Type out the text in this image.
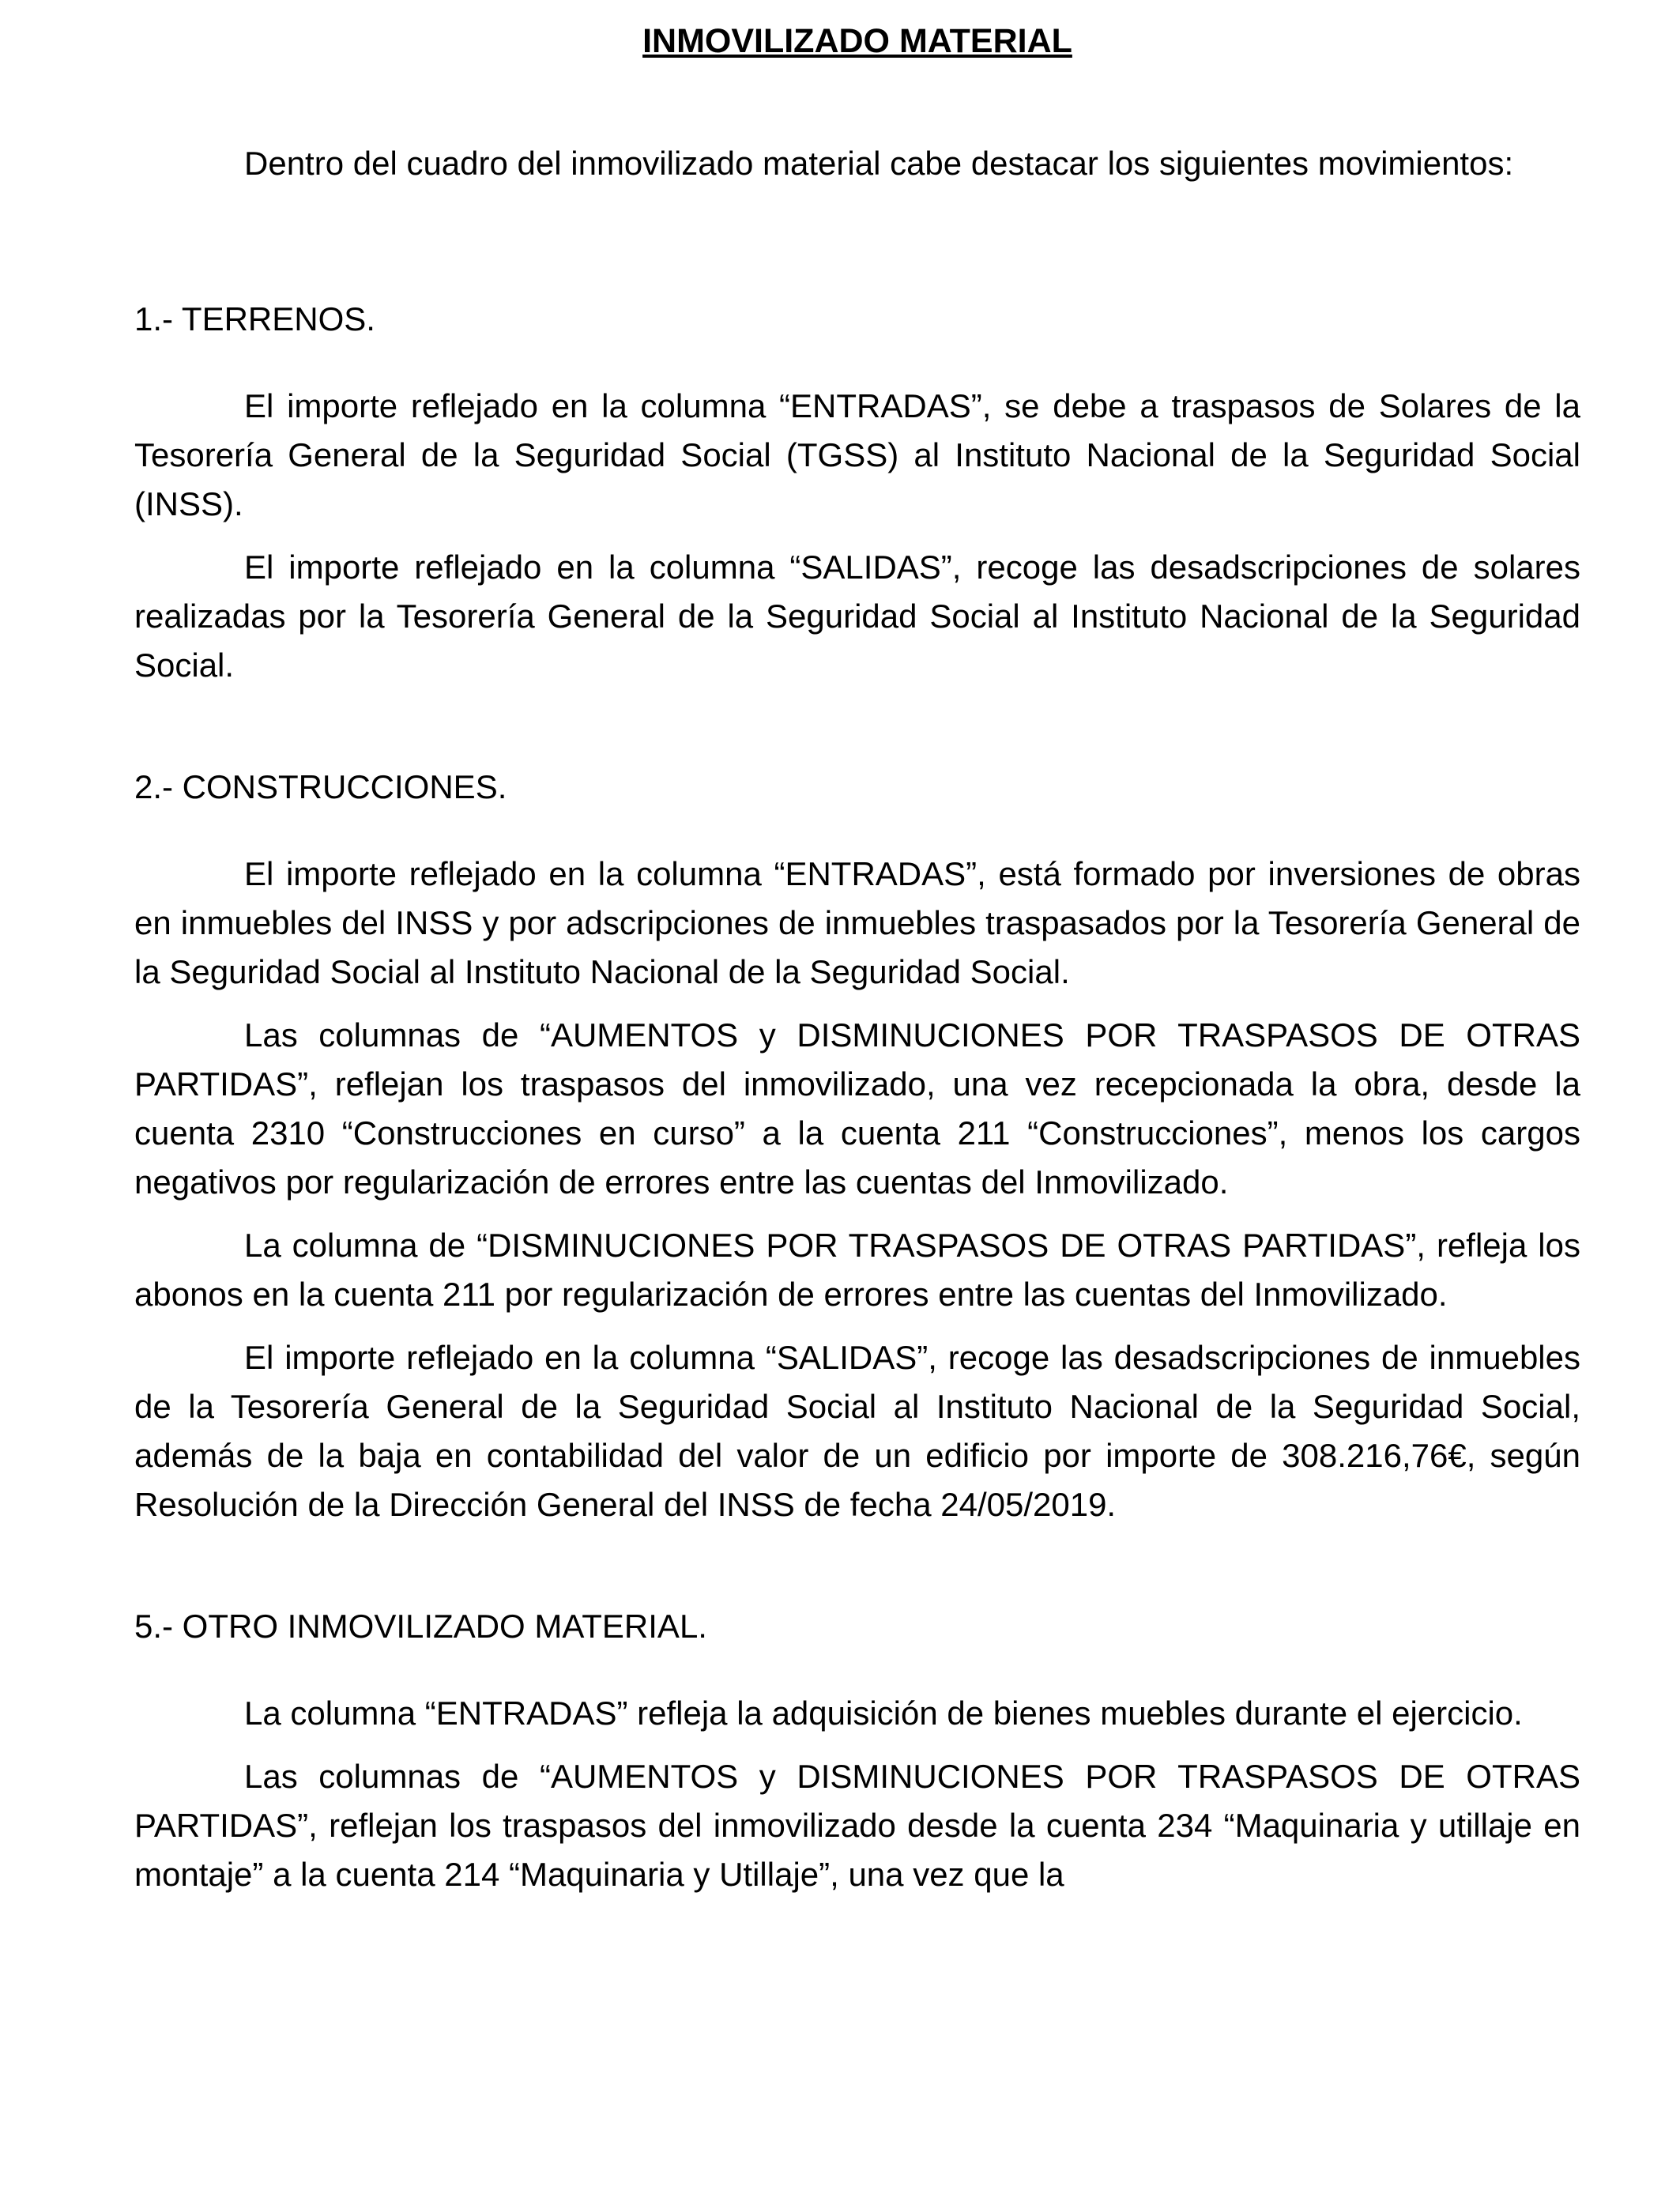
INMOVILIZADO MATERIAL

Dentro del cuadro del inmovilizado material cabe destacar los siguientes movimientos:

1.- TERRENOS.

El importe reflejado en la columna “ENTRADAS”, se debe a traspasos de Solares de la Tesorería General de la Seguridad Social (TGSS) al Instituto Nacional de la Seguridad Social (INSS).

El importe reflejado en la columna “SALIDAS”, recoge las desadscripciones de solares realizadas por la Tesorería General de la Seguridad Social al Instituto Nacional de la Seguridad Social.

2.- CONSTRUCCIONES.

El importe reflejado en la columna “ENTRADAS”, está formado por inversiones de obras en inmuebles del INSS y por adscripciones de inmuebles traspasados por la Tesorería General de la Seguridad Social al Instituto Nacional de la Seguridad Social.

Las columnas de “AUMENTOS y DISMINUCIONES POR TRASPASOS DE OTRAS PARTIDAS”, reflejan los traspasos del inmovilizado, una vez recepcionada la obra, desde la cuenta 2310 “Construcciones en curso” a la cuenta 211 “Construcciones”, menos los cargos negativos por regularización de errores entre las cuentas del Inmovilizado.

La columna de “DISMINUCIONES POR TRASPASOS DE OTRAS PARTIDAS”, refleja los abonos en la cuenta 211 por regularización de errores entre las cuentas del Inmovilizado.

El importe reflejado en la columna “SALIDAS”, recoge las desadscripciones de inmuebles de la Tesorería General de la Seguridad Social al Instituto Nacional de la Seguridad Social, además de la baja en contabilidad del valor de un edificio por importe de 308.216,76€, según Resolución de la Dirección General del INSS de fecha 24/05/2019.

5.- OTRO INMOVILIZADO MATERIAL.

La columna “ENTRADAS” refleja la adquisición de bienes muebles durante el ejercicio.

Las columnas de “AUMENTOS y DISMINUCIONES POR TRASPASOS DE OTRAS PARTIDAS”, reflejan los traspasos del inmovilizado desde la cuenta 234 “Maquinaria y utillaje en montaje” a la cuenta 214 “Maquinaria y Utillaje”, una vez que la
